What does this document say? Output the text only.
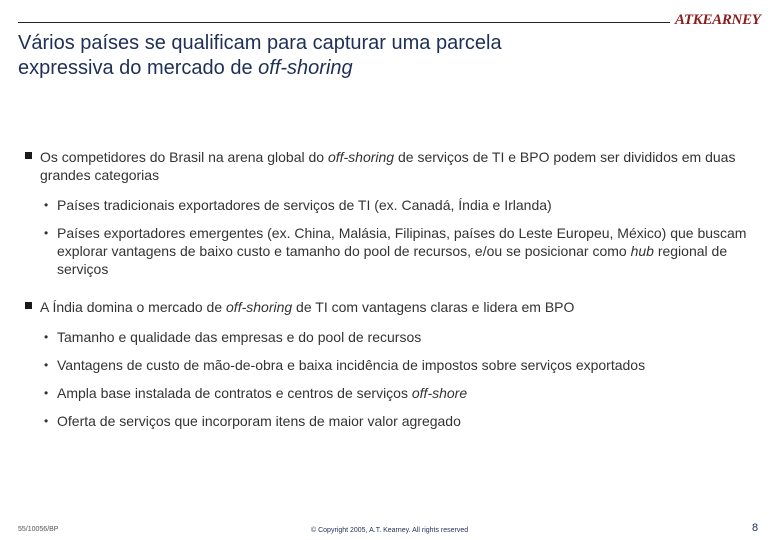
ATKEARNEY
Vários países se qualificam para capturar uma parcela
expressiva do mercado de off-shoring
Os competidores do Brasil na arena global do off-shoring de serviços de TI e BPO podem ser divididos em duas grandes categorias
• Países tradicionais exportadores de serviços de TI (ex. Canadá, Índia e Irlanda)
• Países exportadores emergentes (ex. China, Malásia, Filipinas, países do Leste Europeu, México) que buscam explorar vantagens de baixo custo e tamanho do pool de recursos, e/ou se posicionar como hub regional de serviços
A Índia domina o mercado de off-shoring de TI com vantagens claras e lidera em BPO
• Tamanho e qualidade das empresas e do pool de recursos
• Vantagens de custo de mão-de-obra e baixa incidência de impostos sobre serviços exportados
• Ampla base instalada de contratos e centros de serviços off-shore
• Oferta de serviços que incorporam itens de maior valor agregado
55/10056/BP	© Copyright 2005, A.T. Kearney. All rights reserved	8
